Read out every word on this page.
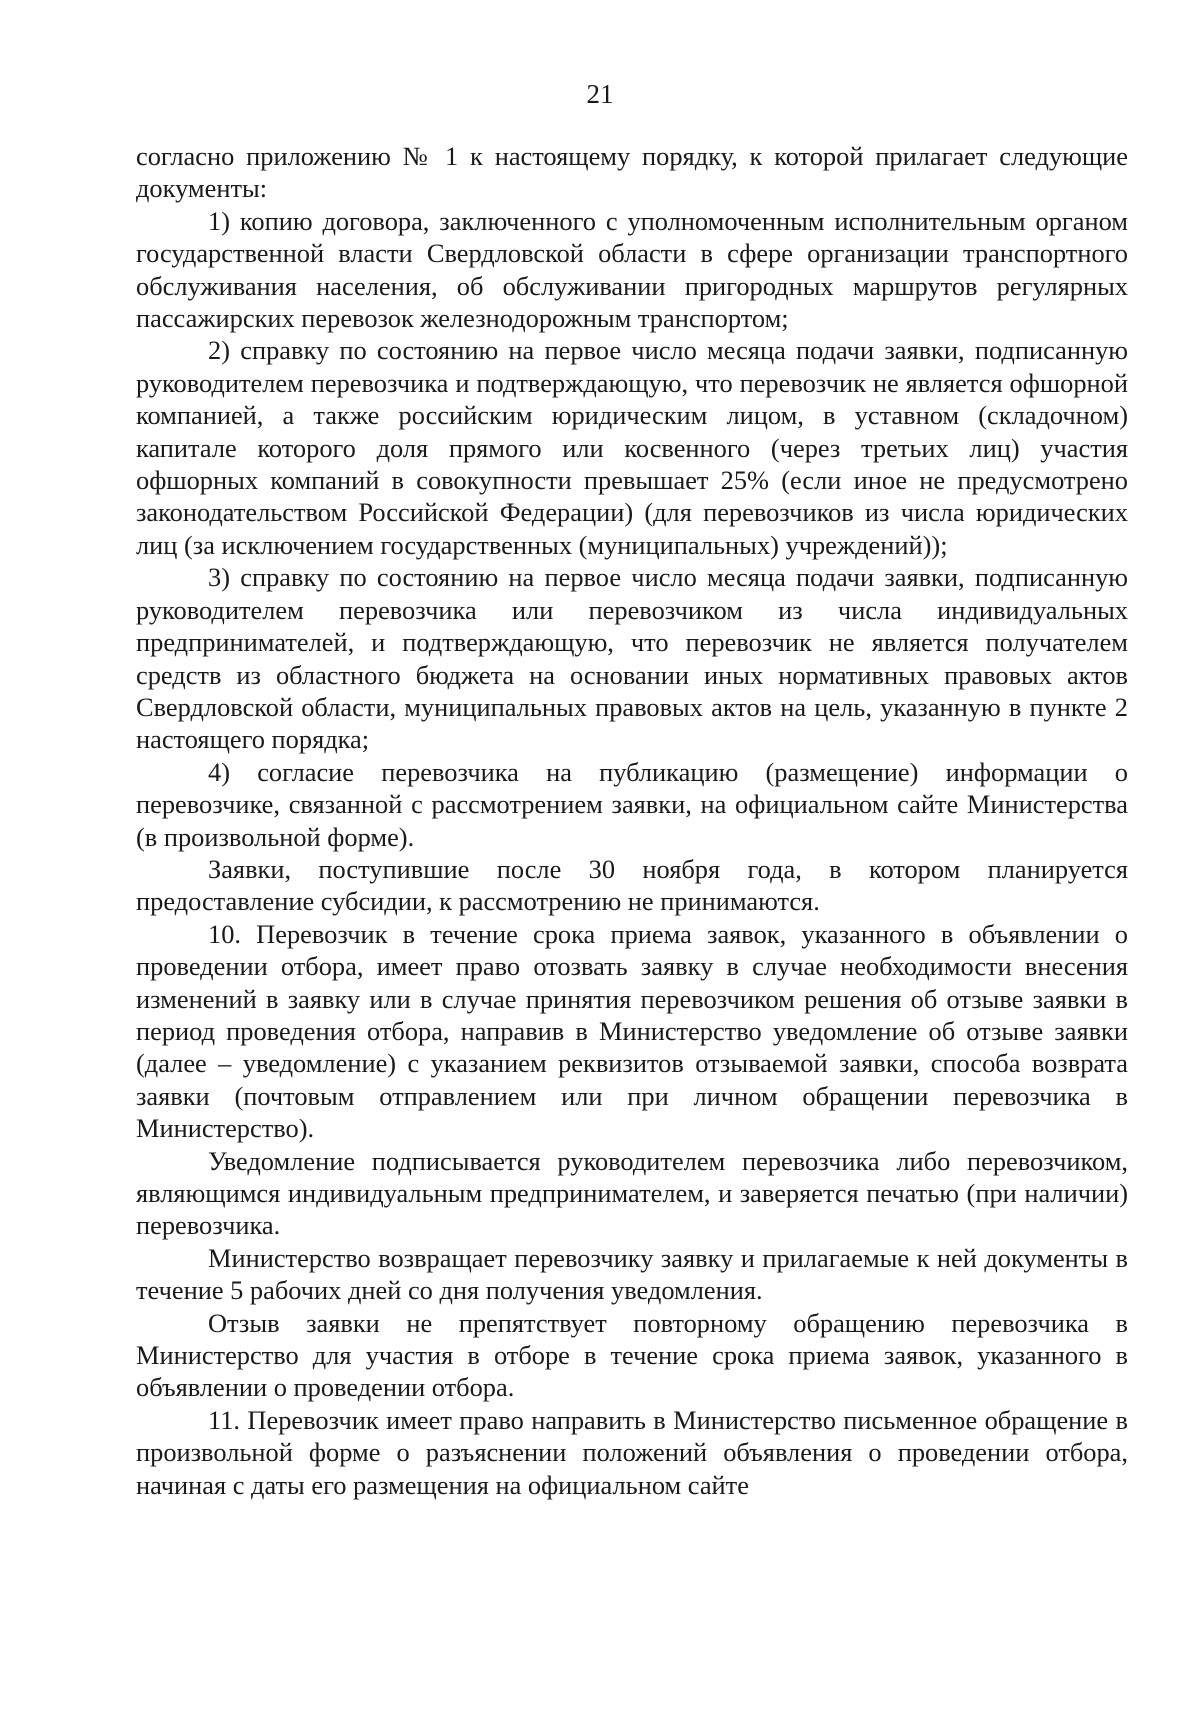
21

согласно приложению № 1 к настоящему порядку, к которой прилагает следующие документы:

1) копию договора, заключенного с уполномоченным исполнительным органом государственной власти Свердловской области в сфере организации транспортного обслуживания населения, об обслуживании пригородных маршрутов регулярных пассажирских перевозок железнодорожным транспортом;

2) справку по состоянию на первое число месяца подачи заявки, подписанную руководителем перевозчика и подтверждающую, что перевозчик не является офшорной компанией, а также российским юридическим лицом, в уставном (складочном) капитале которого доля прямого или косвенного (через третьих лиц) участия офшорных компаний в совокупности превышает 25% (если иное не предусмотрено законодательством Российской Федерации) (для перевозчиков из числа юридических лиц (за исключением государственных (муниципальных) учреждений));

3) справку по состоянию на первое число месяца подачи заявки, подписанную руководителем перевозчика или перевозчиком из числа индивидуальных предпринимателей, и подтверждающую, что перевозчик не является получателем средств из областного бюджета на основании иных нормативных правовых актов Свердловской области, муниципальных правовых актов на цель, указанную в пункте 2 настоящего порядка;

4) согласие перевозчика на публикацию (размещение) информации о перевозчике, связанной с рассмотрением заявки, на официальном сайте Министерства (в произвольной форме).

Заявки, поступившие после 30 ноября года, в котором планируется предоставление субсидии, к рассмотрению не принимаются.

10. Перевозчик в течение срока приема заявок, указанного в объявлении о проведении отбора, имеет право отозвать заявку в случае необходимости внесения изменений в заявку или в случае принятия перевозчиком решения об отзыве заявки в период проведения отбора, направив в Министерство уведомление об отзыве заявки (далее – уведомление) с указанием реквизитов отзываемой заявки, способа возврата заявки (почтовым отправлением или при личном обращении перевозчика в Министерство).

Уведомление подписывается руководителем перевозчика либо перевозчиком, являющимся индивидуальным предпринимателем, и заверяется печатью (при наличии) перевозчика.

Министерство возвращает перевозчику заявку и прилагаемые к ней документы в течение 5 рабочих дней со дня получения уведомления.

Отзыв заявки не препятствует повторному обращению перевозчика в Министерство для участия в отборе в течение срока приема заявок, указанного в объявлении о проведении отбора.

11. Перевозчик имеет право направить в Министерство письменное обращение в произвольной форме о разъяснении положений объявления о проведении отбора, начиная с даты его размещения на официальном сайте
